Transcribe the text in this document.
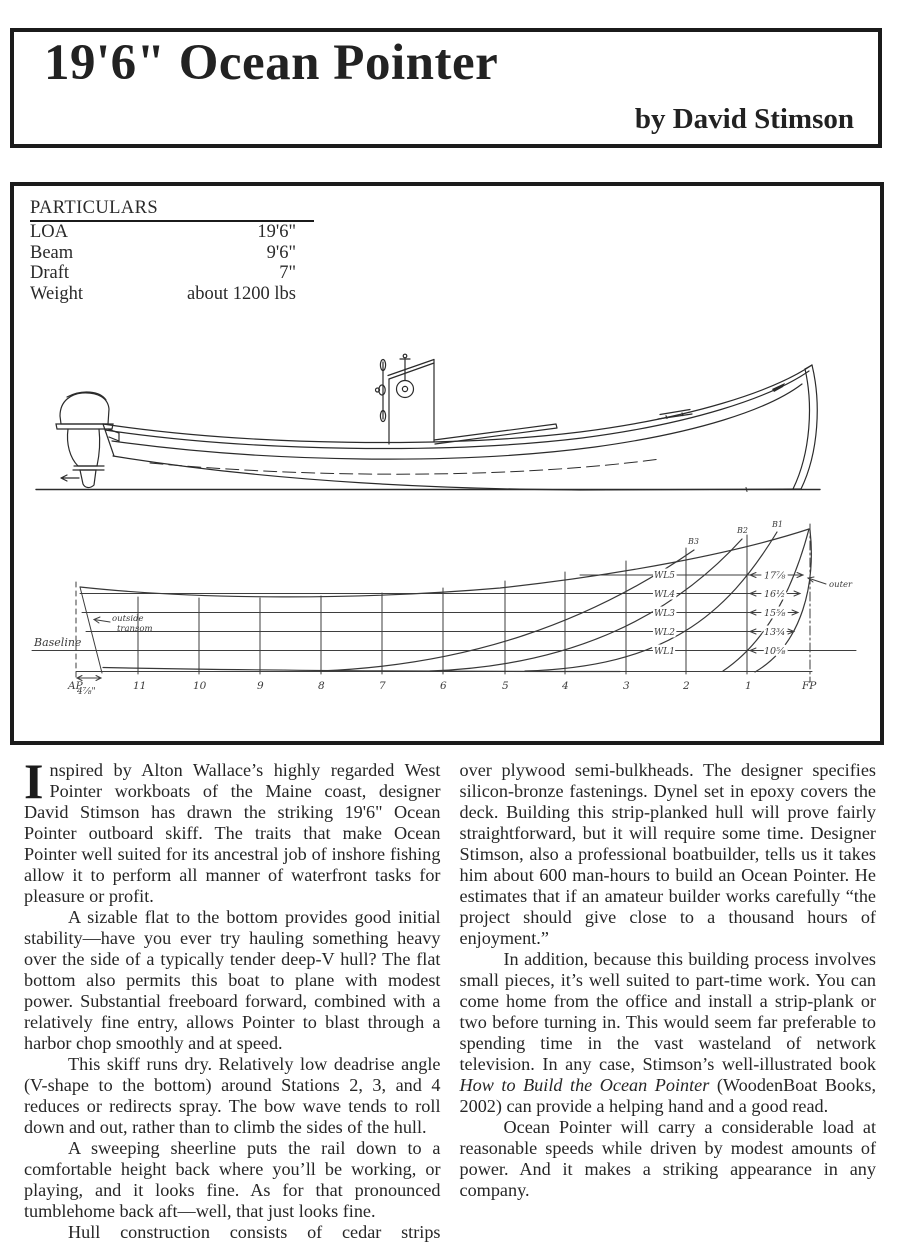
19'6" Ocean Pointer
by David Stimson
PARTICULARS
LOA	19'6"
Beam	9'6"
Draft	7"
Weight	about 1200 lbs
Baseline
WL5
WL4
WL3
WL2
WL1
17⅞
16½
15⅝
13¾
10⅝
B3
B2
B1
AP	11	10	9	8	7	6	5	4	3	2	1	FP
outside
transom
4⅞"
outer

Inspired by Alton Wallace’s highly regarded West Pointer workboats of the Maine coast, designer David Stimson has drawn the striking 19'6" Ocean Pointer outboard skiff. The traits that make Ocean Pointer well suited for its ancestral job of inshore fishing allow it to perform all manner of waterfront tasks for pleasure or profit.

A sizable flat to the bottom provides good initial stability—have you ever try hauling something heavy over the side of a typically tender deep-V hull? The flat bottom also permits this boat to plane with modest power. Substantial freeboard forward, combined with a relatively fine entry, allows Pointer to blast through a harbor chop smoothly and at speed.

This skiff runs dry. Relatively low deadrise angle (V-shape to the bottom) around Stations 2, 3, and 4 reduces or redirects spray. The bow wave tends to roll down and out, rather than to climb the sides of the hull.

A sweeping sheerline puts the rail down to a comfortable height back where you’ll be working, or playing, and it looks fine. As for that pronounced tumblehome back aft—well, that just looks fine.

Hull construction consists of cedar strips

over plywood semi-bulkheads. The designer specifies silicon-bronze fastenings. Dynel set in epoxy covers the deck. Building this strip-planked hull will prove fairly straightforward, but it will require some time. Designer Stimson, also a professional boatbuilder, tells us it takes him about 600 man-hours to build an Ocean Pointer. He estimates that if an amateur builder works carefully “the project should give close to a thousand hours of enjoyment.”

In addition, because this building process involves small pieces, it’s well suited to part-time work. You can come home from the office and install a strip-plank or two before turning in. This would seem far preferable to spending time in the vast wasteland of network television. In any case, Stimson’s well-illustrated book How to Build the Ocean Pointer (WoodenBoat Books, 2002) can provide a helping hand and a good read.

Ocean Pointer will carry a considerable load at reasonable speeds while driven by modest amounts of power. And it makes a striking appearance in any company.
